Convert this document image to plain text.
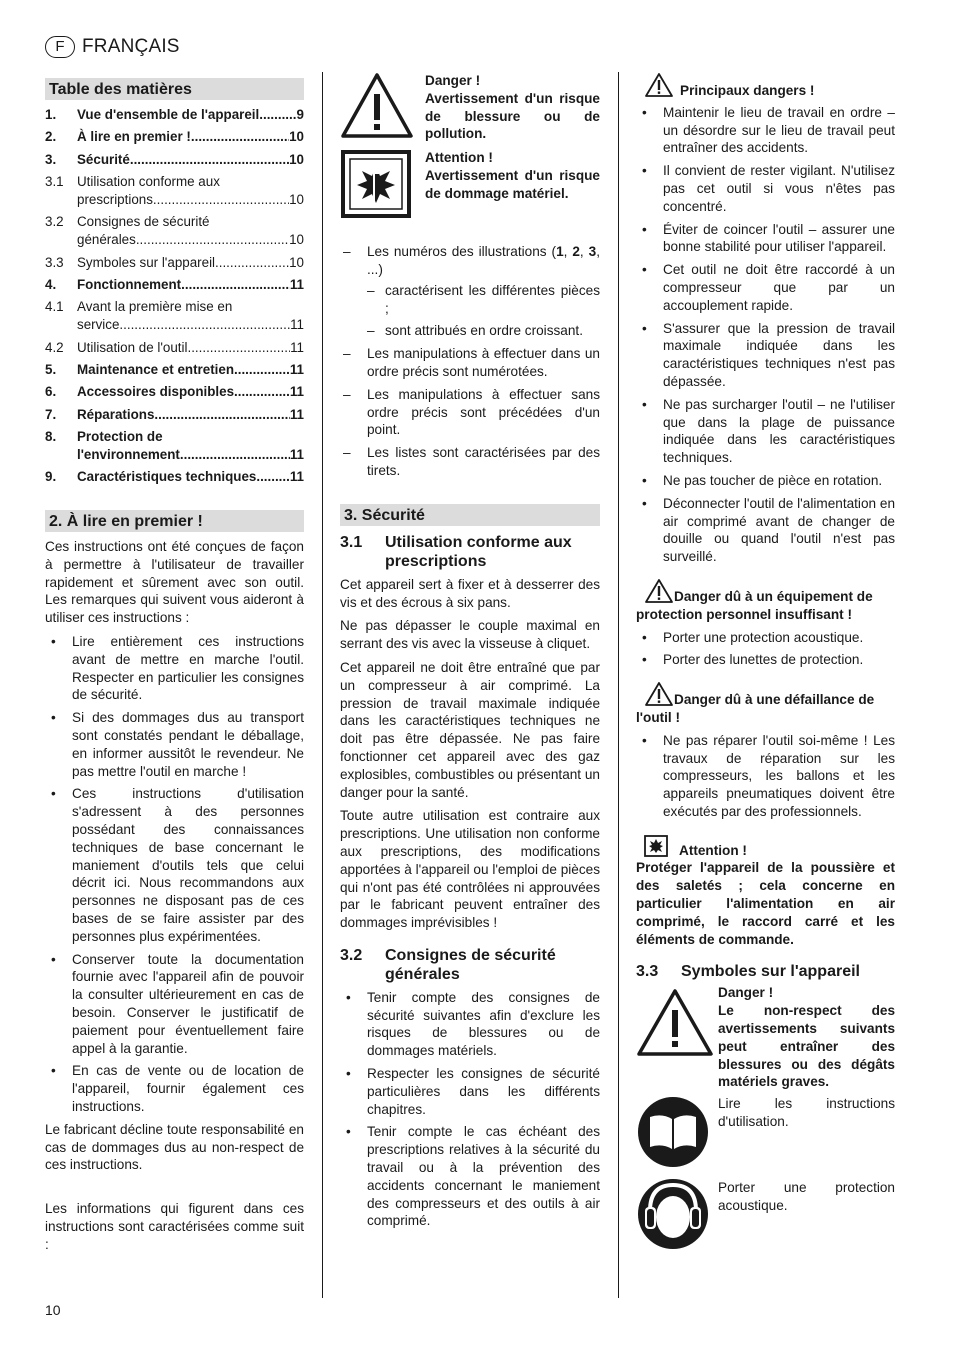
F FRANÇAIS
Table des matières
1.	Vue d'ensemble de l'appareil .....	9
2.	À lire en premier ! .....	10
3.	Sécurité .....	10
3.1 Utilisation conforme aux
prescriptions .....	10
3.2 Consignes de sécurité
générales .....	10
3.3 Symboles sur l'appareil .....	10
4.	Fonctionnement .....	11
4.1 Avant la première mise en
service .....	11
4.2 Utilisation de l'outil .....	11
5.	Maintenance et entretien .....	11
6.	Accessoires disponibles .....	11
7.	Réparations .....	11
8.	Protection de
l'environnement .....	11
9.	Caractéristiques techniques ..... 11
2. À lire en premier !

Ces instructions ont été conçues de façon à permettre à l'utilisateur de travailler rapidement et sûrement avec son outil. Les remarques qui suivent vous aideront à utiliser ces instructions :

• Lire entièrement ces instructions avant de mettre en marche l'outil. Respecter en particulier les consignes de sécurité.
• Si des dommages dus au transport sont constatés pendant le déballage, en informer aussitôt le revendeur. Ne pas mettre l'outil en marche !
• Ces instructions d'utilisation s'adressent à des personnes possédant des connaissances techniques de base concernant le maniement d'outils tels que celui décrit ici. Nous recommandons aux personnes ne disposant pas de ces bases de se faire assister par des personnes plus expérimentées.
• Conserver toute la documentation fournie avec l'appareil afin de pouvoir la consulter ultérieurement en cas de besoin. Conserver le justificatif de paiement pour éventuellement faire appel à la garantie.
• En cas de vente ou de location de l'appareil, fournir également ces instructions.

Le fabricant décline toute responsabilité en cas de dommages dus au non-respect de ces instructions.

Les informations qui figurent dans ces instructions sont caractérisées comme suit :

Danger !
Avertissement d'un risque de blessure ou de pollution.
Attention !
Avertissement d'un risque de dommage matériel.
– Les numéros des illustrations (1, 2, 3, ...)
– caractérisent les différentes pièces ;
– sont attribués en ordre croissant.
– Les manipulations à effectuer dans un ordre précis sont numérotées.
– Les manipulations à effectuer sans ordre précis sont précédées d'un point.
– Les listes sont caractérisées par des tirets.
3. Sécurité
3.1	Utilisation conforme aux prescriptions

Cet appareil sert à fixer et à desserrer des vis et des écrous à six pans.

Ne pas dépasser le couple maximal en serrant des vis avec la visseuse à cliquet.

Cet appareil ne doit être entraîné que par un compresseur à air comprimé. La pression de travail maximale indiquée dans les caractéristiques techniques ne doit pas être dépassée. Ne pas faire fonctionner cet appareil avec des gaz explosibles, combustibles ou présentant un danger pour la santé.

Toute autre utilisation est contraire aux prescriptions. Une utilisation non conforme aux prescriptions, des modifications apportées à l'appareil ou l'emploi de pièces qui n'ont pas été contrôlées ni approuvées par le fabricant peuvent entraîner des dommages imprévisibles !

3.2	Consignes de sécurité générales
• Tenir compte des consignes de sécurité suivantes afin d'exclure les risques de blessures ou de dommages matériels.
• Respecter les consignes de sécurité particulières dans les différents chapitres.
• Tenir compte le cas échéant des prescriptions relatives à la sécurité du travail ou à la prévention des accidents concernant le maniement des compresseurs et des outils à air comprimé.
Principaux dangers !
• Maintenir le lieu de travail en ordre – un désordre sur le lieu de travail peut entraîner des accidents.
• Il convient de rester vigilant. N'utilisez pas cet outil si vous n'êtes pas concentré.
• Éviter de coincer l'outil – assurer une bonne stabilité pour utiliser l'appareil.
• Cet outil ne doit être raccordé à un compresseur que par un accouplement rapide.
• S'assurer que la pression de travail maximale indiquée dans les caractéristiques techniques n'est pas dépassée.
• Ne pas surcharger l'outil – ne l'utiliser que dans la plage de puissance indiquée dans les caractéristiques techniques.
• Ne pas toucher de pièce en rotation.
• Déconnecter l'outil de l'alimentation en air comprimé avant de changer de douille ou quand l'outil n'est pas surveillé.
Danger dû à un équipement de protection personnel insuffisant !
• Porter une protection acoustique.
• Porter des lunettes de protection.
Danger dû à une défaillance de l'outil !
• Ne pas réparer l'outil soi-même ! Les travaux de réparation sur les compresseurs, les ballons et les appareils pneumatiques doivent être exécutés par des professionnels.
Attention !

Protéger l'appareil de la poussière et des saletés ; cela concerne en particulier l'alimentation en air comprimé, le raccord carré et les éléments de commande.

3.3	Symboles sur l'appareil
Danger !
Le non-respect des avertissements suivants peut entraîner des blessures ou des dégâts matériels graves.
Lire les instructions d'utilisation.
Porter une protection acoustique.
10
